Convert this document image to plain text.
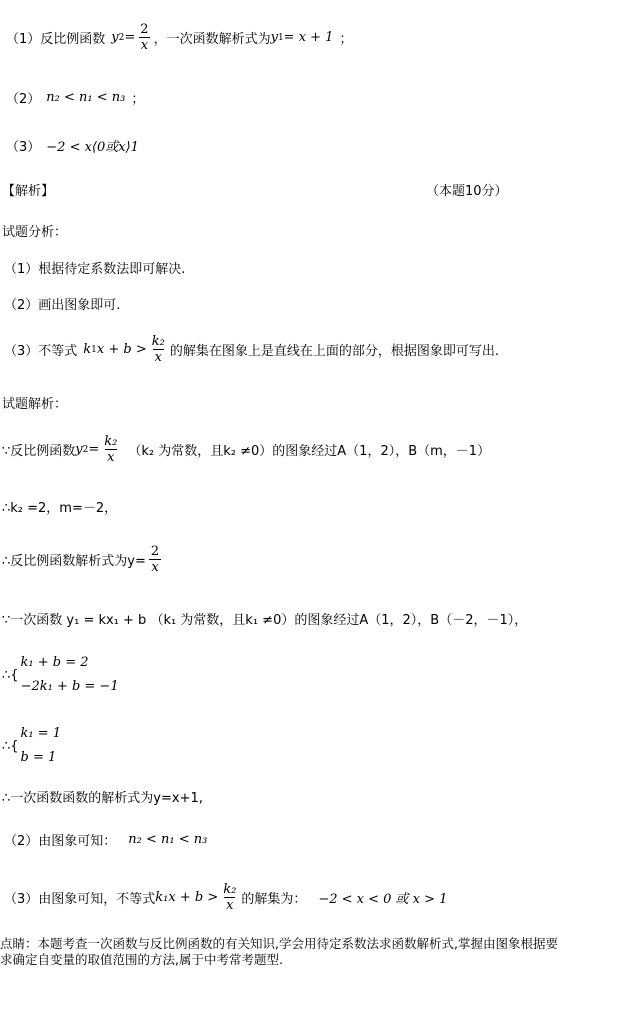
（1）反比例函数 y $2 = \frac{2}{x}$ ，一次函数解析式为 y 1 = x + 1 ；
（2） n₂ < n₁ < n₃ ；
（3） −2 < x⟨0或x⟩1
【解析】	（本题10分）
试题分析：
（1）根据待定系数法即可解决.
（2）画出图象即可.
（3）不等式 k 1 $x + b > \frac{\text{k₂}}{x}$ 的解集在图象上是直线在上面的部分，根据图象即可写出.
试题解析：
∵反比例函数 y $2 = \frac{\text{k₂}}{x} (k_2$ 为常数，且k₂ ≠0）的图象经过A（1，2），B（m，－1）
∴k₂ =2，m=－2，
∴反比例函数解析式为$y= \frac{2}{x}$
∵一次函数 y₁ = kx₁ + b （k₁ 为常数，且k₁ ≠0）的图象经过A（1，2），B（－2，－1），
∴{
k₁ + b = 2
−2k₁ + b = −1
∴{
k₁ = 1
b = 1
∴一次函数函数的解析式为y=x+1,
（2）由图象可知： n₂ < n₁ < n₃
（3）由图象可知，不等式 $k_1x + b > \frac{\text{k₂}}{x}$ 的解集为： −2 < x < 0 或 x > 1
点睛：本题考查一次函数与反比例函数的有关知识,学会用待定系数法求函数解析式,掌握由图象根据要
求确定自变量的取值范围的方法,属于中考常考题型.
